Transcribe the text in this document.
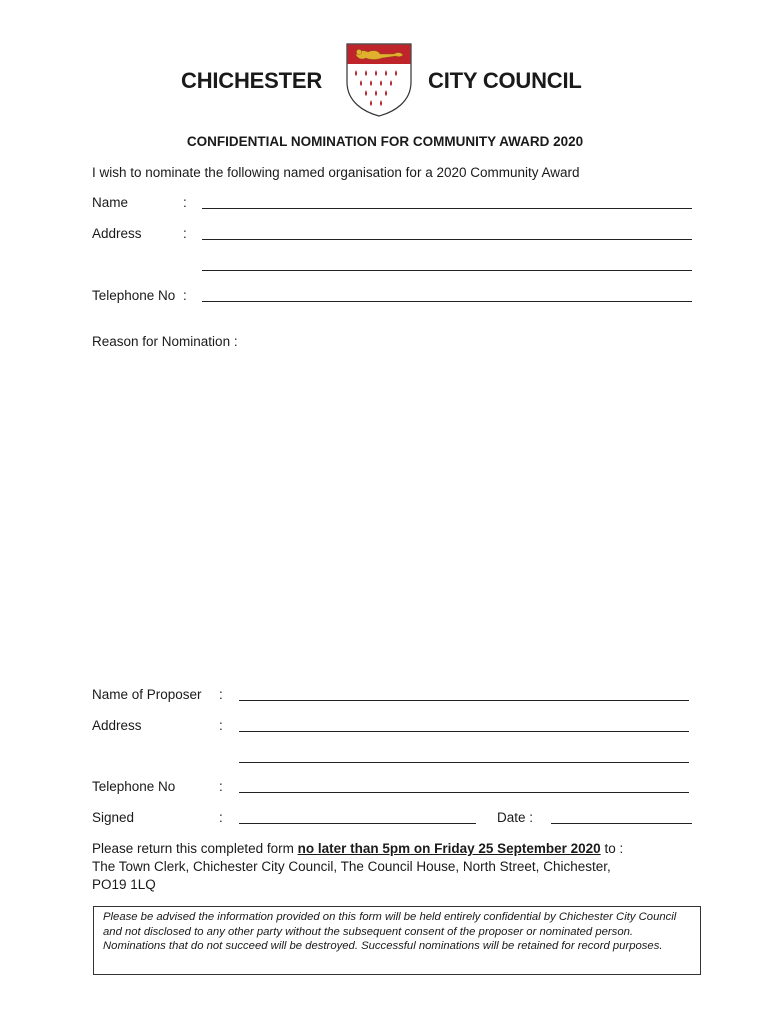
CHICHESTER	CITY COUNCIL
CONFIDENTIAL NOMINATION FOR COMMUNITY AWARD 2020
I wish to nominate the following named organisation for a 2020 Community Award
Name	:
Address	:
Telephone No :
Reason for Nomination :
Name of Proposer :
Address	:
Telephone No	:
Signed	:	Date :
Please return this completed form no later than 5pm on Friday 25 September 2020 to :
The Town Clerk, Chichester City Council, The Council House, North Street, Chichester,
PO19 1LQ
Please be advised the information provided on this form will be held entirely confidential by Chichester City Council and not disclosed to any other party without the subsequent consent of the proposer or nominated person. Nominations that do not succeed will be destroyed. Successful nominations will be retained for record purposes.
